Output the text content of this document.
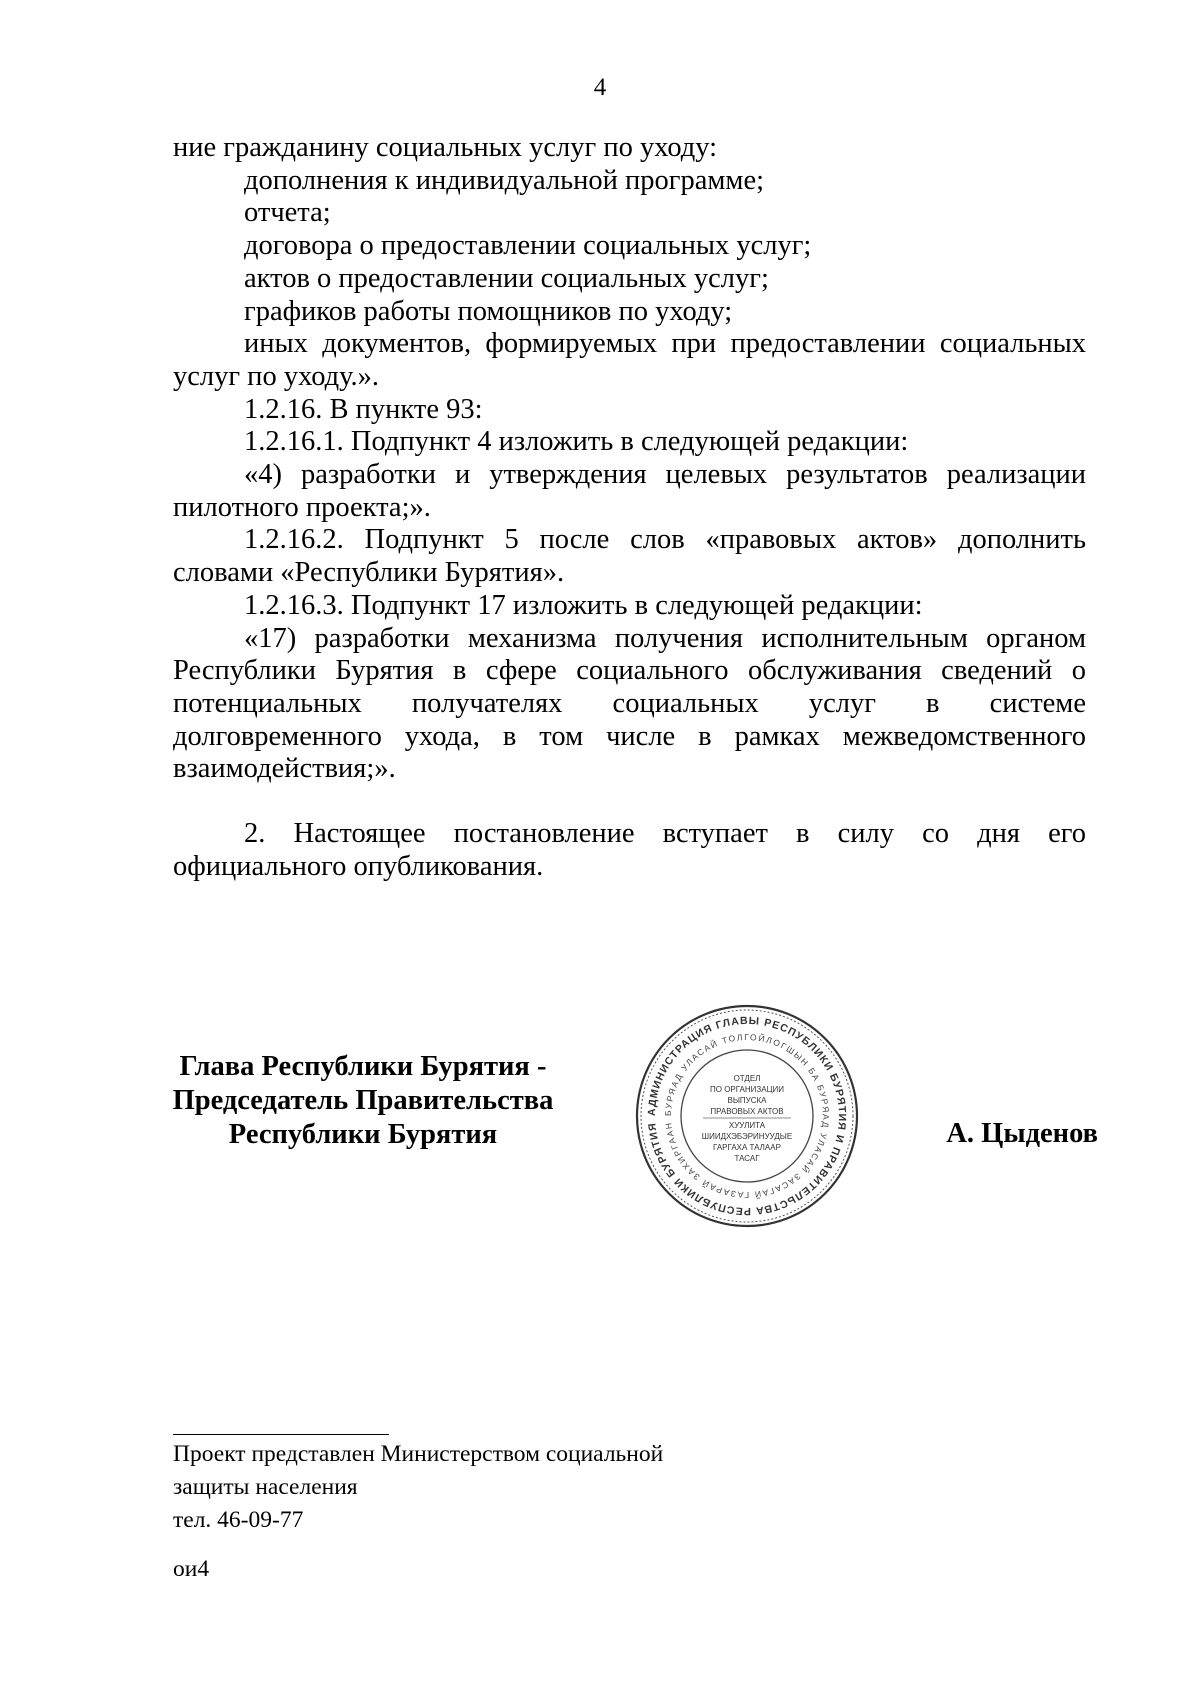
4

ние гражданину социальных услуг по уходу:

дополнения к индивидуальной программе;

отчета;

договора о предоставлении социальных услуг;

актов о предоставлении социальных услуг;

графиков работы помощников по уходу;

иных документов, формируемых при предоставлении социальных услуг по уходу.».

1.2.16. В пункте 93:

1.2.16.1. Подпункт 4 изложить в следующей редакции:

«4) разработки и утверждения целевых результатов реализации пилотного проекта;».

1.2.16.2. Подпункт 5 после слов «правовых актов» дополнить словами «Республики Бурятия».

1.2.16.3. Подпункт 17 изложить в следующей редакции:

«17) разработки механизма получения исполнительным органом Республики Бурятия в сфере социального обслуживания сведений о потенциальных получателях социальных услуг в системе долговременного ухода, в том числе в рамках межведомственного взаимодействия;».

2. Настоящее постановление вступает в силу со дня его официального опубликования.

Глава Республики Бурятия -
Председатель Правительства
Республики Бурятия
АДМИНИСТРАЦИЯ ГЛАВЫ РЕСПУБЛИКИ БУРЯТИЯ И ПРАВИТЕЛЬСТВА РЕСПУБЛИКИ БУРЯТИЯ
БУРЯАД УЛАСАЙ ТОЛГОЙЛОГШЫН БА БУРЯАД УЛАСАЙ ЗАСАГАЙ ГАЗАРАЙ ЗАХИРГААН
ОТДЕЛ
ПО ОРГАНИЗАЦИИ
ВЫПУСКА
ПРАВОВЫХ АКТОВ
ХУУЛИТА
ШИИДХЭБЭРИНУУДЫЕ
ГАРГАХА ТАЛААР
ТАСАГ
А. Цыденов
Проект представлен Министерством социальной
защиты населения
тел. 46-09-77
ои4
